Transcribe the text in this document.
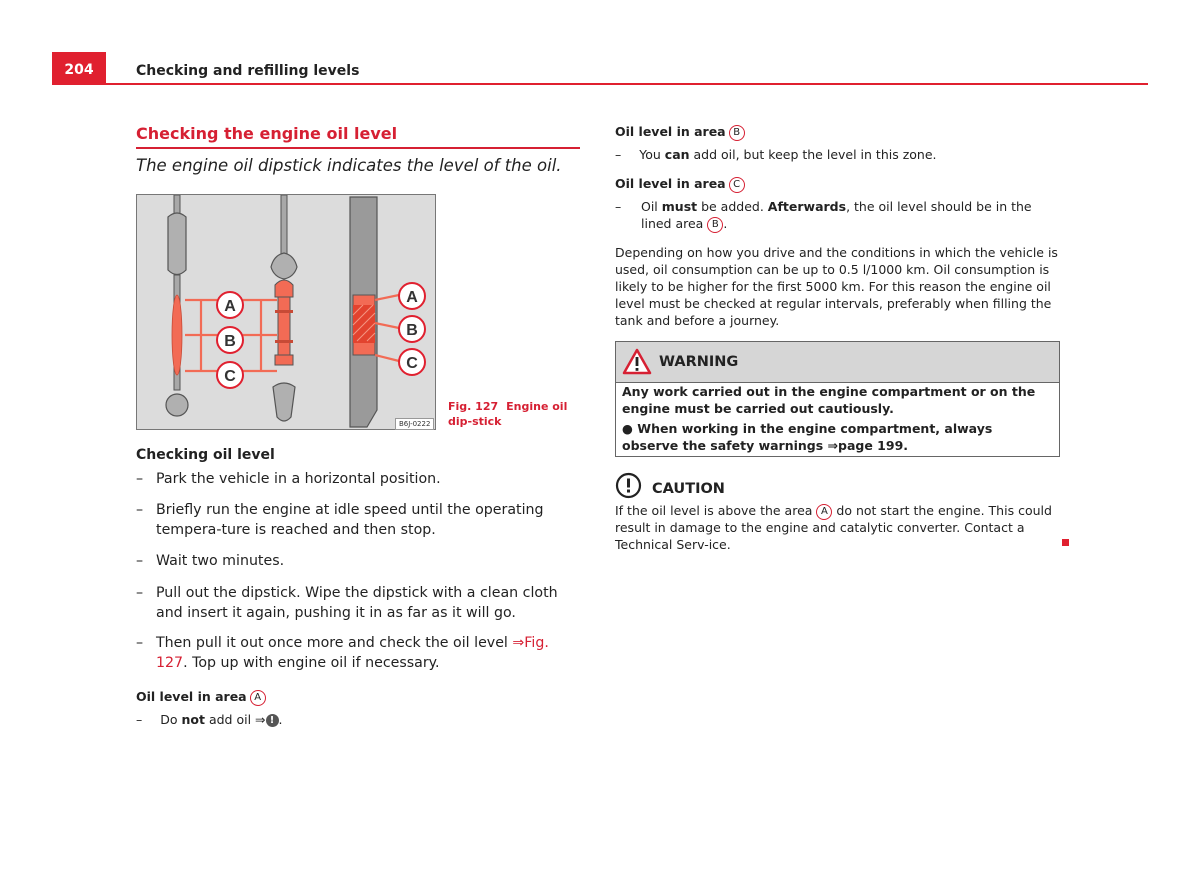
204	Checking and refilling levels
Checking the engine oil level
The engine oil dipstick indicates the level of the oil.
A
B
C
A
B
C
B6J-0222
Fig. 127 Engine oil dip-stick
Checking oil level
– Park the vehicle in a horizontal position.
– Briefly run the engine at idle speed until the operating tempera-ture is reached and then stop.
– Wait two minutes.
– Pull out the dipstick. Wipe the dipstick with a clean cloth and insert it again, pushing it in as far as it will go.
– Then pull it out once more and check the oil level ⇒Fig. 127. Top up with engine oil if necessary.
Oil level in area A
– Do not add oil ⇒ ! .
Oil level in area B
– You can add oil, but keep the level in this zone.
Oil level in area C
– Oil must be added. Afterwards, the oil level should be in the lined area B .
Depending on how you drive and the conditions in which the vehicle is used, oil consumption can be up to 0.5 l/1000 km. Oil consumption is likely to be higher for the first 5000 km. For this reason the engine oil level must be checked at regular intervals, preferably when filling the tank and before a journey.
WARNING
Any work carried out in the engine compartment or on the engine must be carried out cautiously.
● When working in the engine compartment, always observe the safety warnings ⇒page 199.
CAUTION
If the oil level is above the area A do not start the engine. This could result in damage to the engine and catalytic converter. Contact a Technical Serv-ice.
